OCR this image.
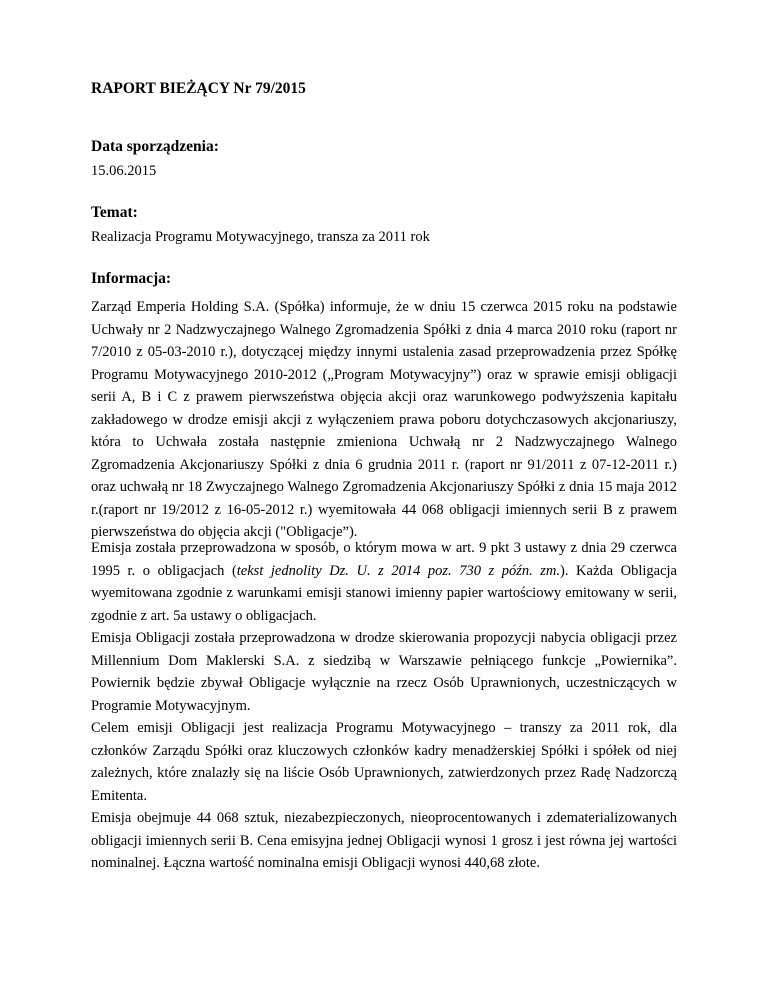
RAPORT BIEŻĄCY Nr 79/2015

Data sporządzenia:

15.06.2015

Temat:

Realizacja Programu Motywacyjnego, transza za 2011 rok

Informacja:

Zarząd Emperia Holding S.A. (Spółka) informuje, że w dniu 15 czerwca 2015 roku na podstawie Uchwały nr 2 Nadzwyczajnego Walnego Zgromadzenia Spółki z dnia 4 marca 2010 roku (raport nr 7/2010 z 05-03-2010 r.), dotyczącej między innymi ustalenia zasad przeprowadzenia przez Spółkę Programu Motywacyjnego 2010-2012 („Program Motywacyjny”) oraz w sprawie emisji obligacji serii A, B i C z prawem pierwszeństwa objęcia akcji oraz warunkowego podwyższenia kapitału zakładowego w drodze emisji akcji z wyłączeniem prawa poboru dotychczasowych akcjonariuszy, która to Uchwała została następnie zmieniona Uchwałą nr 2 Nadzwyczajnego Walnego Zgromadzenia Akcjonariuszy Spółki z dnia 6 grudnia 2011 r. (raport nr 91/2011 z 07-12-2011 r.) oraz uchwałą nr 18 Zwyczajnego Walnego Zgromadzenia Akcjonariuszy Spółki z dnia 15 maja 2012 r.(raport nr 19/2012 z 16-05-2012 r.) wyemitowała 44 068 obligacji imiennych serii B z prawem pierwszeństwa do objęcia akcji ("Obligacje”).

Emisja została przeprowadzona w sposób, o którym mowa w art. 9 pkt 3 ustawy z dnia 29 czerwca 1995 r. o obligacjach (tekst jednolity Dz. U. z 2014 poz. 730 z późn. zm.). Każda Obligacja wyemitowana zgodnie z warunkami emisji stanowi imienny papier wartościowy emitowany w serii, zgodnie z art. 5a ustawy o obligacjach.

Emisja Obligacji została przeprowadzona w drodze skierowania propozycji nabycia obligacji przez Millennium Dom Maklerski S.A. z siedzibą w Warszawie pełniącego funkcje „Powiernika”. Powiernik będzie zbywał Obligacje wyłącznie na rzecz Osób Uprawnionych, uczestniczących w Programie Motywacyjnym.

Celem emisji Obligacji jest realizacja Programu Motywacyjnego – transzy za 2011 rok, dla członków Zarządu Spółki oraz kluczowych członków kadry menadżerskiej Spółki i spółek od niej zależnych, które znalazły się na liście Osób Uprawnionych, zatwierdzonych przez Radę Nadzorczą Emitenta.

Emisja obejmuje 44 068 sztuk, niezabezpieczonych, nieoprocentowanych i zdematerializowanych obligacji imiennych serii B. Cena emisyjna jednej Obligacji wynosi 1 grosz i jest równa jej wartości nominalnej. Łączna wartość nominalna emisji Obligacji wynosi 440,68 złote.
